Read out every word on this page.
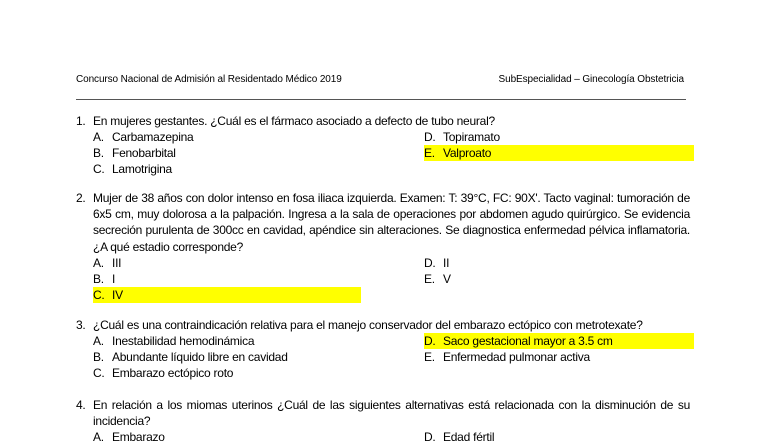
Concurso Nacional de Admisión al Residentado Médico 2019	SubEspecialidad – Ginecología Obstetricia
1. En mujeres gestantes. ¿Cuál es el fármaco asociado a defecto de tubo neural?
A. Carbamazepina
B. Fenobarbital
C. Lamotrigina
D. Topiramato
E. Valproato
2. Mujer de 38 años con dolor intenso en fosa iliaca izquierda. Examen: T: 39°C, FC: 90X'. Tacto vaginal: tumoración de 6x5 cm, muy dolorosa a la palpación. Ingresa a la sala de operaciones por abdomen agudo quirúrgico. Se evidencia secreción purulenta de 300cc en cavidad, apéndice sin alteraciones. Se diagnostica enfermedad pélvica inflamatoria. ¿A qué estadio corresponde?
A. III
B. I
C. IV
D. II
E. V
3. ¿Cuál es una contraindicación relativa para el manejo conservador del embarazo ectópico con metrotexate?
A. Inestabilidad hemodinámica
B. Abundante líquido libre en cavidad
C. Embarazo ectópico roto
D. Saco gestacional mayor a 3.5 cm
E. Enfermedad pulmonar activa
4. En relación a los miomas uterinos ¿Cuál de las siguientes alternativas está relacionada con la disminución de su incidencia?
A. Embarazo	D. Edad fértil
